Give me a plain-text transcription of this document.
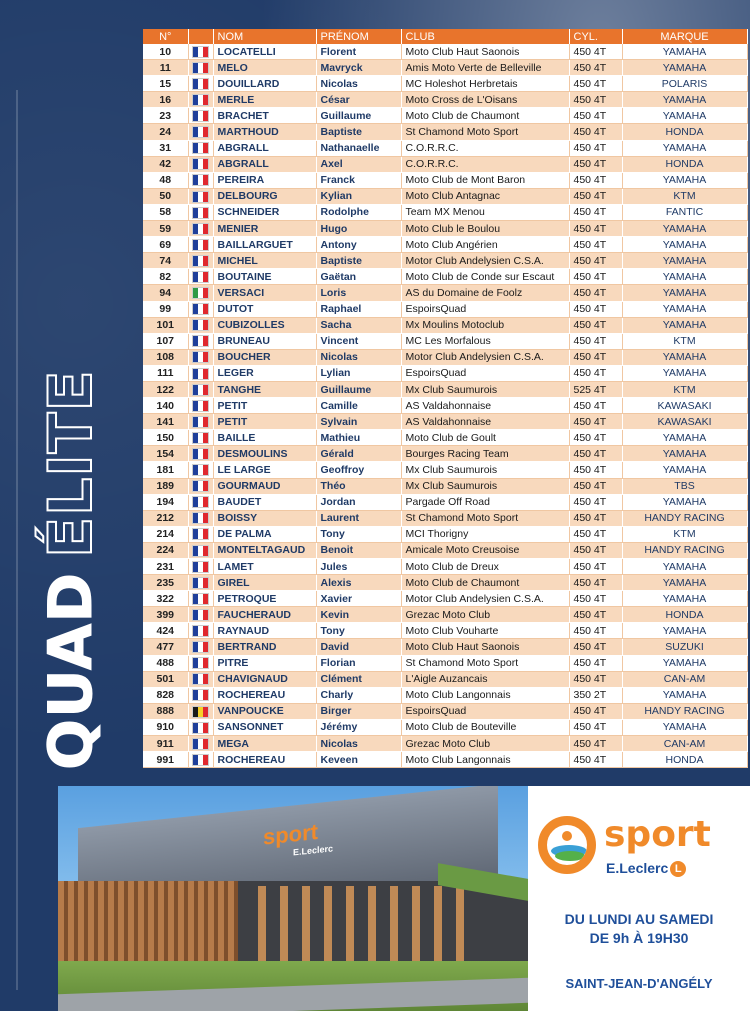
QUADÉLITE
N°		NOM	PRÉNOM	CLUB	CYL.	MARQUE
10		LOCATELLI	Florent	Moto Club Haut Saonois	450 4T	YAMAHA
11		MELO	Mavryck	Amis Moto Verte de Belleville	450 4T	YAMAHA
15		DOUILLARD	Nicolas	MC Holeshot Herbretais	450 4T	POLARIS
16		MERLE	César	Moto Cross de L'Oisans	450 4T	YAMAHA
23		BRACHET	Guillaume	Moto Club de Chaumont	450 4T	YAMAHA
24		MARTHOUD	Baptiste	St Chamond Moto Sport	450 4T	HONDA
31		ABGRALL	Nathanaelle	C.O.R.R.C.	450 4T	YAMAHA
42		ABGRALL	Axel	C.O.R.R.C.	450 4T	HONDA
48		PEREIRA	Franck	Moto Club de Mont Baron	450 4T	YAMAHA
50		DELBOURG	Kylian	Moto Club Antagnac	450 4T	KTM
58		SCHNEIDER	Rodolphe	Team MX Menou	450 4T	FANTIC
59		MENIER	Hugo	Moto Club le Boulou	450 4T	YAMAHA
69		BAILLARGUET	Antony	Moto Club Angérien	450 4T	YAMAHA
74		MICHEL	Baptiste	Motor Club Andelysien C.S.A.	450 4T	YAMAHA
82		BOUTAINE	Gaëtan	Moto Club de Conde sur Escaut	450 4T	YAMAHA
94		VERSACI	Loris	AS du Domaine de Foolz	450 4T	YAMAHA
99		DUTOT	Raphael	EspoirsQuad	450 4T	YAMAHA
101		CUBIZOLLES	Sacha	Mx Moulins Motoclub	450 4T	YAMAHA
107		BRUNEAU	Vincent	MC Les Morfalous	450 4T	KTM
108		BOUCHER	Nicolas	Motor Club Andelysien C.S.A.	450 4T	YAMAHA
111		LEGER	Lylian	EspoirsQuad	450 4T	YAMAHA
122		TANGHE	Guillaume	Mx Club Saumurois	525 4T	KTM
140		PETIT	Camille	AS Valdahonnaise	450 4T	KAWASAKI
141		PETIT	Sylvain	AS Valdahonnaise	450 4T	KAWASAKI
150		BAILLE	Mathieu	Moto Club de Goult	450 4T	YAMAHA
154		DESMOULINS	Gérald	Bourges Racing Team	450 4T	YAMAHA
181		LE LARGE	Geoffroy	Mx Club Saumurois	450 4T	YAMAHA
189		GOURMAUD	Théo	Mx Club Saumurois	450 4T	TBS
194		BAUDET	Jordan	Pargade Off Road	450 4T	YAMAHA
212		BOISSY	Laurent	St Chamond Moto Sport	450 4T	HANDY RACING
214		DE PALMA	Tony	MCI Thorigny	450 4T	KTM
224		MONTELTAGAUD	Benoit	Amicale Moto Creusoise	450 4T	HANDY RACING
231		LAMET	Jules	Moto Club de Dreux	450 4T	YAMAHA
235		GIREL	Alexis	Moto Club de Chaumont	450 4T	YAMAHA
322		PETROQUE	Xavier	Motor Club Andelysien C.S.A.	450 4T	YAMAHA
399		FAUCHERAUD	Kevin	Grezac Moto Club	450 4T	HONDA
424		RAYNAUD	Tony	Moto Club Vouharte	450 4T	YAMAHA
477		BERTRAND	David	Moto Club Haut Saonois	450 4T	SUZUKI
488		PITRE	Florian	St Chamond Moto Sport	450 4T	YAMAHA
501		CHAVIGNAUD	Clément	L'Aigle Auzancais	450 4T	CAN-AM
828		ROCHEREAU	Charly	Moto Club Langonnais	350 2T	YAMAHA
888		VANPOUCKE	Birger	EspoirsQuad	450 4T	HANDY RACING
910		SANSONNET	Jérémy	Moto Club de Bouteville	450 4T	YAMAHA
911		MEGA	Nicolas	Grezac Moto Club	450 4T	CAN-AM
991		ROCHEREAU	Keveen	Moto Club Langonnais	450 4T	HONDA
sport
E.Leclerc	sport
E.Leclerc L
DU LUNDI AU SAMEDI
DE 9h À 19H30
SAINT-JEAN-D'ANGÉLY
